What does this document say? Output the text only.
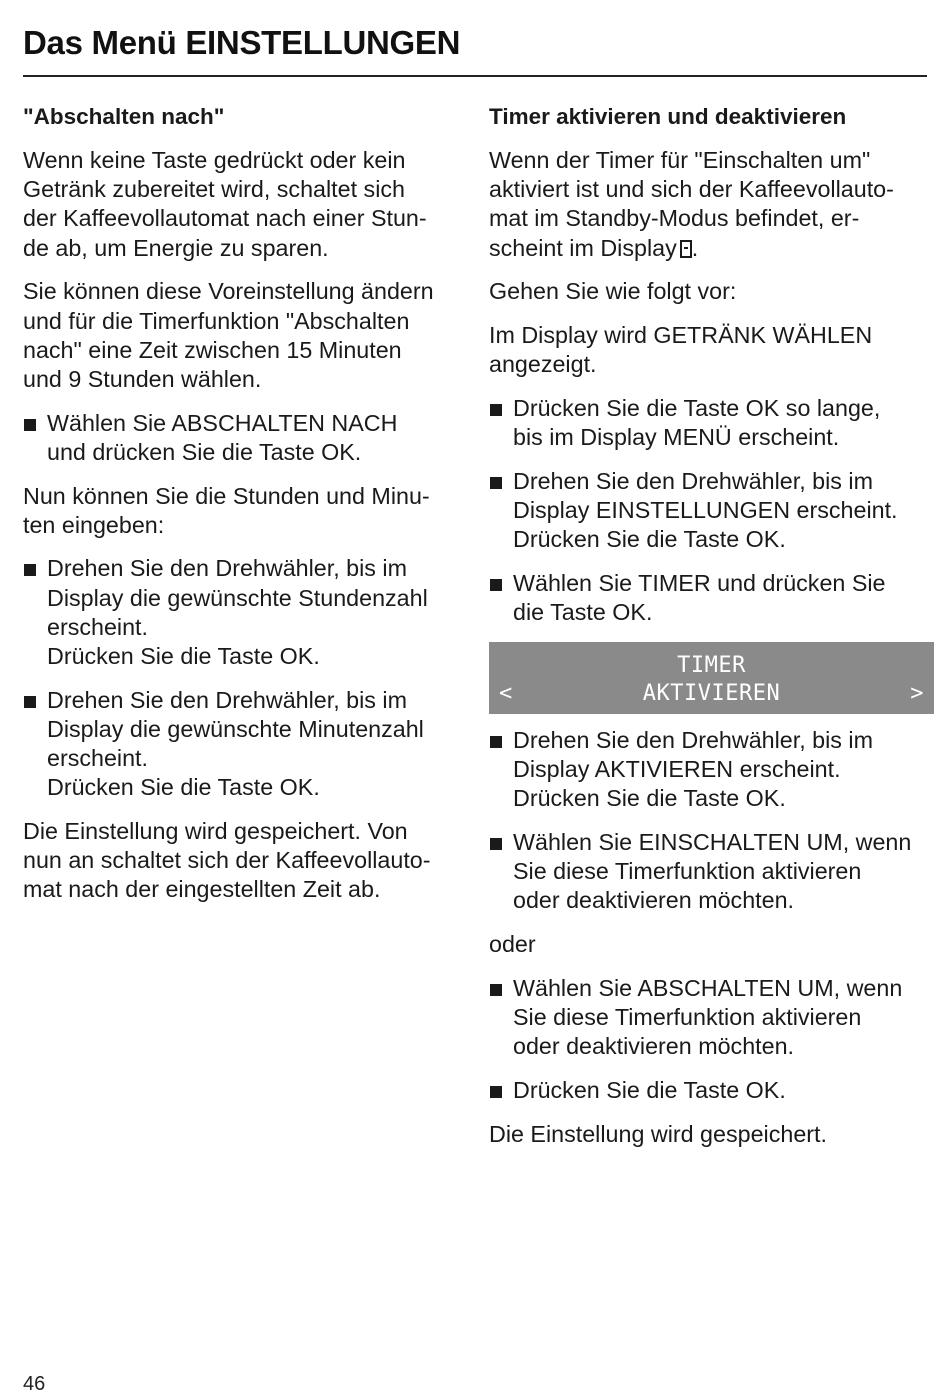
Das Menü EINSTELLUNGEN
"Abschalten nach"
Wenn keine Taste gedrückt oder kein
Getränk zubereitet wird, schaltet sich
der Kaffeevollautomat nach einer Stun-
de ab, um Energie zu sparen.
Sie können diese Voreinstellung ändern
und für die Timerfunktion "Abschalten
nach" eine Zeit zwischen 15 Minuten
und 9 Stunden wählen.
Wählen Sie ABSCHALTEN NACH
und drücken Sie die Taste OK.
Nun können Sie die Stunden und Minu-
ten eingeben:
Drehen Sie den Drehwähler, bis im
Display die gewünschte Stundenzahl
erscheint.
Drücken Sie die Taste OK.
Drehen Sie den Drehwähler, bis im
Display die gewünschte Minutenzahl
erscheint.
Drücken Sie die Taste OK.
Die Einstellung wird gespeichert. Von
nun an schaltet sich der Kaffeevollauto-
mat nach der eingestellten Zeit ab.
Timer aktivieren und deaktivieren
Wenn der Timer für "Einschalten um"
aktiviert ist und sich der Kaffeevollauto-
mat im Standby-Modus befindet, er-
scheint im Display .
Gehen Sie wie folgt vor:
Im Display wird GETRÄNK WÄHLEN
angezeigt.
Drücken Sie die Taste OK so lange,
bis im Display MENÜ erscheint.
Drehen Sie den Drehwähler, bis im
Display EINSTELLUNGEN erscheint.
Drücken Sie die Taste OK.
Wählen Sie TIMER und drücken Sie
die Taste OK.
TIMER
<	AKTIVIEREN	>
Drehen Sie den Drehwähler, bis im
Display AKTIVIEREN erscheint.
Drücken Sie die Taste OK.
Wählen Sie EINSCHALTEN UM, wenn
Sie diese Timerfunktion aktivieren
oder deaktivieren möchten.
oder
Wählen Sie ABSCHALTEN UM, wenn
Sie diese Timerfunktion aktivieren
oder deaktivieren möchten.
Drücken Sie die Taste OK.
Die Einstellung wird gespeichert.
46
